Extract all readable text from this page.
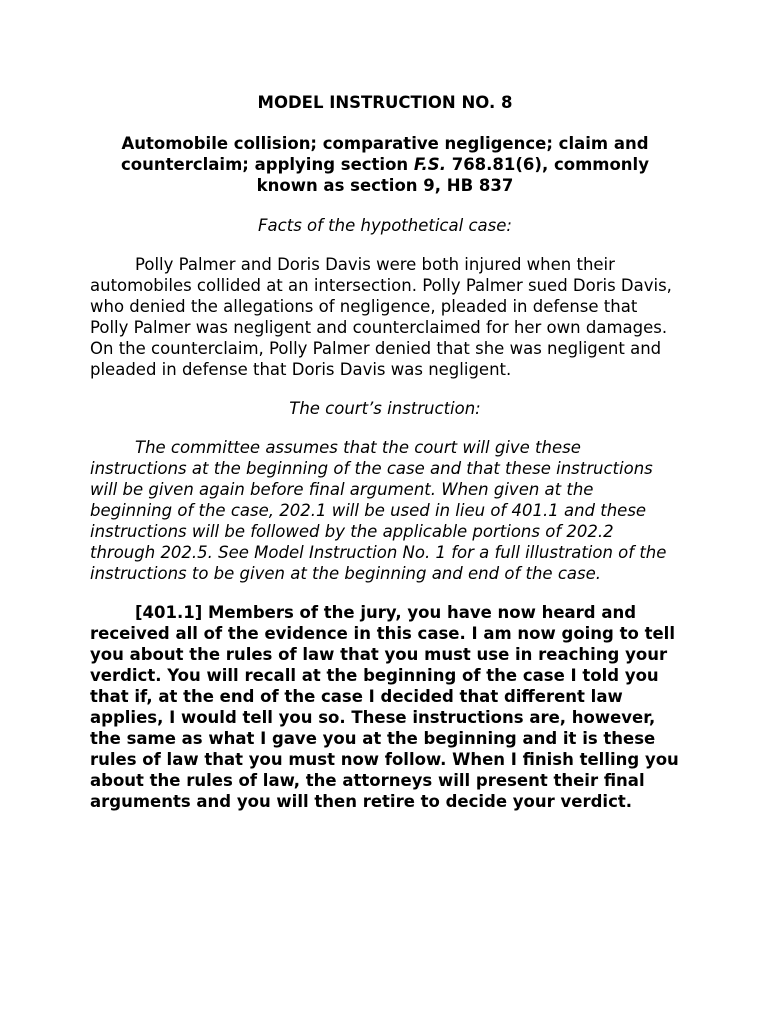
MODEL INSTRUCTION NO. 8
Automobile collision; comparative negligence; claim and counterclaim; applying section F.S. 768.81(6), commonly known as section 9, HB 837
Facts of the hypothetical case:

Polly Palmer and Doris Davis were both injured when their automobiles collided at an intersection. Polly Palmer sued Doris Davis, who denied the allegations of negligence, pleaded in defense that Polly Palmer was negligent and counterclaimed for her own damages. On the counterclaim, Polly Palmer denied that she was negligent and pleaded in defense that Doris Davis was negligent.

The court’s instruction:

The committee assumes that the court will give these instructions at the beginning of the case and that these instructions will be given again before final argument. When given at the beginning of the case, 202.1 will be used in lieu of 401.1 and these instructions will be followed by the applicable portions of 202.2 through 202.5. See Model Instruction No. 1 for a full illustration of the instructions to be given at the beginning and end of the case.

[401.1] Members of the jury, you have now heard and received all of the evidence in this case. I am now going to tell you about the rules of law that you must use in reaching your verdict. You will recall at the beginning of the case I told you that if, at the end of the case I decided that different law applies, I would tell you so. These instructions are, however, the same as what I gave you at the beginning and it is these rules of law that you must now follow. When I finish telling you about the rules of law, the attorneys will present their final arguments and you will then retire to decide your verdict.
